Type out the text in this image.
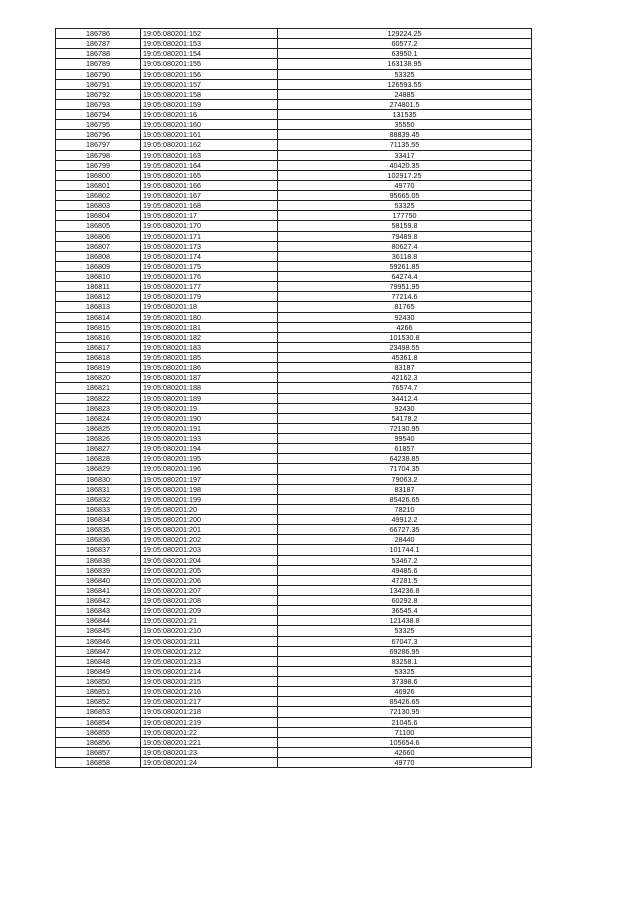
186786	19:05:080201:152	129224.25
186787	19:05:080201:153	60577.2
186788	19:05:080201:154	63950.1
186789	19:05:080201:155	163138.95
186790	19:05:080201:156	53325
186791	19:05:080201:157	126593.55
186792	19:05:080201:158	24885
186793	19:05:080201:159	274801.5
186794	19:05:080201:16	131535
186795	19:05:080201:160	35550
186796	19:05:080201:161	88839.45
186797	19:05:080201:162	71135.55
186798	19:05:080201:163	33417
186799	19:05:080201:164	40420.35
186800	19:05:080201:165	102917.25
186801	19:05:080201:166	49770
186802	19:05:080201:167	95665.05
186803	19:05:080201:168	53325
186804	19:05:080201:17	177750
186805	19:05:080201:170	58159.8
186806	19:05:080201:171	79489.8
186807	19:05:080201:173	80627.4
186808	19:05:080201:174	36118.8
186809	19:05:080201:175	59261.85
186810	19:05:080201:176	64274.4
186811	19:05:080201:177	79951.95
186812	19:05:080201:179	77214.6
186813	19:05:080201:18	81765
186814	19:05:080201:180	92430
186815	19:05:080201:181	4266
186816	19:05:080201:182	101530.8
186817	19:05:080201:183	23498.55
186818	19:05:080201:185	45361.8
186819	19:05:080201:186	83187
186820	19:05:080201:187	42162.3
186821	19:05:080201:188	76574.7
186822	19:05:080201:189	34412.4
186823	19:05:080201:19	92430
186824	19:05:080201:190	54178.2
186825	19:05:080201:191	72130.95
186826	19:05:080201:193	99540
186827	19:05:080201:194	61857
186828	19:05:080201:195	64238.85
186829	19:05:080201:196	71704.35
186830	19:05:080201:197	79063.2
186831	19:05:080201:198	83187
186832	19:05:080201:199	85426.65
186833	19:05:080201:20	78210
186834	19:05:080201:200	49912.2
186835	19:05:080201:201	66727.35
186836	19:05:080201:202	28440
186837	19:05:080201:203	101744.1
186838	19:05:080201:204	53467.2
186839	19:05:080201:205	49485.6
186840	19:05:080201:206	47281.5
186841	19:05:080201:207	134236.8
186842	19:05:080201:208	60292.8
186843	19:05:080201:209	36545.4
186844	19:05:080201:21	121438.8
186845	19:05:080201:210	53325
186846	19:05:080201:211	67047.3
186847	19:05:080201:212	69286.95
186848	19:05:080201:213	83258.1
186849	19:05:080201:214	53325
186850	19:05:080201:215	37398.6
186851	19:05:080201:216	46926
186852	19:05:080201:217	85426.65
186853	19:05:080201:218	72130.95
186854	19:05:080201:219	21045.6
186855	19:05:080201:22	71100
186856	19:05:080201:221	105654.6
186857	19:05:080201:23	42660
186858	19:05:080201:24	49770
